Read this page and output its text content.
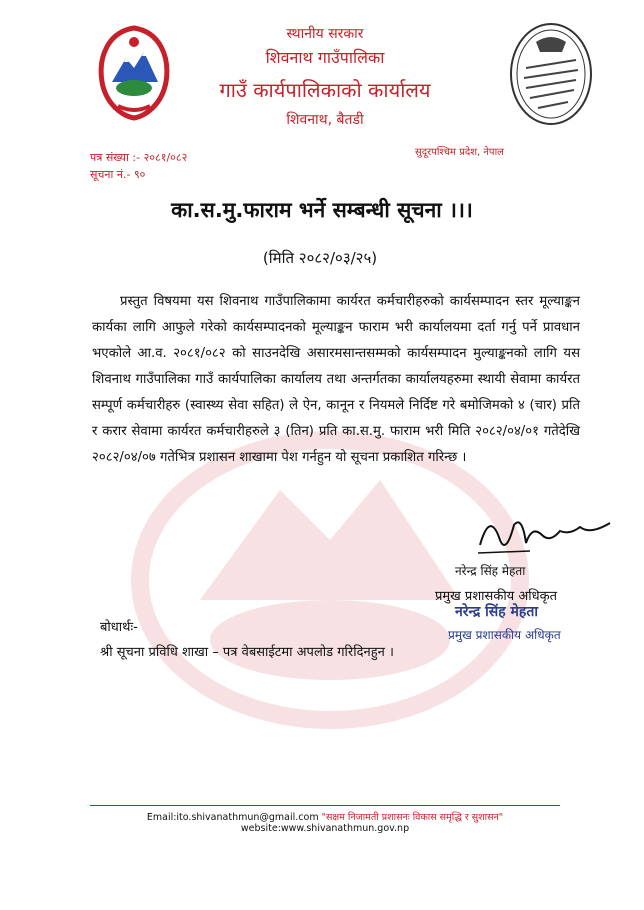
स्थानीय सरकार
शिवनाथ गाउँपालिका
गाउँ कार्यपालिकाको कार्यालय
शिवनाथ, बैतडी
पत्र संख्या :- २०८१/०८२
सूचना नं.- ९०
सुदूरपश्चिम प्रदेश, नेपाल
का.स.मु.फाराम भर्ने सम्बन्धी सूचना ।।।
(मिति २०८२/०३/२५)
प्रस्तुत विषयमा यस शिवनाथ गाउँपालिकामा कार्यरत कर्मचारीहरुको कार्यसम्पादन स्तर मूल्याङ्कन कार्यका लागि आफुले गरेको कार्यसम्पादनको मूल्याङ्कन फाराम भरी कार्यालयमा दर्ता गर्नु पर्ने प्रावधान भएकोले आ.व. २०८१/०८२ को साउनदेखि असारमसान्तसम्मको कार्यसम्पादन मुल्याङ्कनको लागि यस शिवनाथ गाउँपालिका गाउँ कार्यपालिका कार्यालय तथा अन्तर्गतका कार्यालयहरुमा स्थायी सेवामा कार्यरत सम्पूर्ण कर्मचारीहरु (स्वास्थ्य सेवा सहित) ले ऐन, कानून र नियमले निर्दिष्ट गरे बमोजिमको ४ (चार) प्रति र करार सेवामा कार्यरत कर्मचारीहरुले ३ (तिन) प्रति का.स.मु. फाराम भरी मिति २०८२/०४/०१ गतेदेखि २०८२/०४/०७ गतेभित्र प्रशासन शाखामा पेश गर्नहुन यो सूचना प्रकाशित गरिन्छ ।
नरेन्द्र सिंह मेहता
प्रमुख प्रशासकीय अधिकृत
नरेन्द्र सिंह मेहता
प्रमुख प्रशासकीय अधिकृत
बोधार्थः-
श्री सूचना प्रविधि शाखा – पत्र वेबसाईटमा अपलोड गरिदिनहुन ।
Email:ito.shivanathmun@gmail.com "सक्षम निजामती प्रशासनः विकास समृद्धि र सुशासन" website:www.shivanathmun.gov.np
